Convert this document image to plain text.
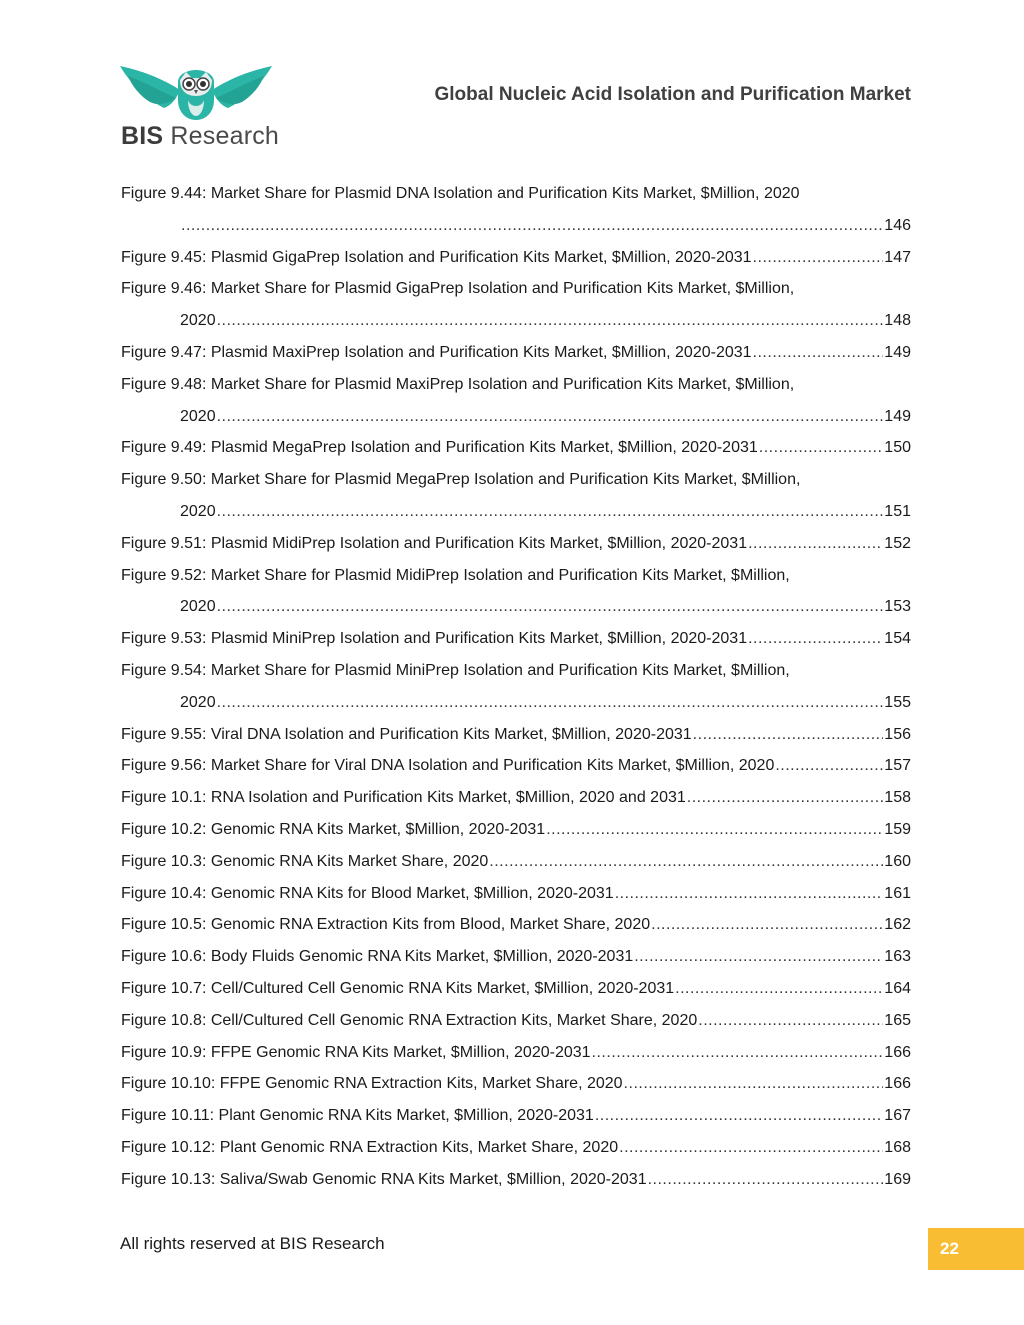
BIS Research
Global Nucleic Acid Isolation and Purification Market
Figure 9.44: Market Share for Plasmid DNA Isolation and Purification Kits Market, $Million, 2020
.....
146
Figure 9.45: Plasmid GigaPrep Isolation and Purification Kits Market, $Million, 2020-2031 .....	147
Figure 9.46: Market Share for Plasmid GigaPrep Isolation and Purification Kits Market, $Million,
2020 .....	148
Figure 9.47: Plasmid MaxiPrep Isolation and Purification Kits Market, $Million, 2020-2031 .....	149
Figure 9.48: Market Share for Plasmid MaxiPrep Isolation and Purification Kits Market, $Million,
2020 .....	149
Figure 9.49: Plasmid MegaPrep Isolation and Purification Kits Market, $Million, 2020-2031 .....	150
Figure 9.50: Market Share for Plasmid MegaPrep Isolation and Purification Kits Market, $Million,
2020 .....	151
Figure 9.51: Plasmid MidiPrep Isolation and Purification Kits Market, $Million, 2020-2031 .....	152
Figure 9.52: Market Share for Plasmid MidiPrep Isolation and Purification Kits Market, $Million,
2020 .....	153
Figure 9.53: Plasmid MiniPrep Isolation and Purification Kits Market, $Million, 2020-2031 .....	154
Figure 9.54: Market Share for Plasmid MiniPrep Isolation and Purification Kits Market, $Million,
2020 .....	155
Figure 9.55: Viral DNA Isolation and Purification Kits Market, $Million, 2020-2031 .....	156
Figure 9.56: Market Share for Viral DNA Isolation and Purification Kits Market, $Million, 2020 .....	157
Figure 10.1: RNA Isolation and Purification Kits Market, $Million, 2020 and 2031 .....	158
Figure 10.2: Genomic RNA Kits Market, $Million, 2020-2031 .....	159
Figure 10.3: Genomic RNA Kits Market Share, 2020 .....	160
Figure 10.4: Genomic RNA Kits for Blood Market, $Million, 2020-2031 .....	161
Figure 10.5: Genomic RNA Extraction Kits from Blood, Market Share, 2020 .....	162
Figure 10.6: Body Fluids Genomic RNA Kits Market, $Million, 2020-2031 .....	163
Figure 10.7: Cell/Cultured Cell Genomic RNA Kits Market, $Million, 2020-2031 .....	164
Figure 10.8: Cell/Cultured Cell Genomic RNA Extraction Kits, Market Share, 2020 .....	165
Figure 10.9: FFPE Genomic RNA Kits Market, $Million, 2020-2031 .....	166
Figure 10.10: FFPE Genomic RNA Extraction Kits, Market Share, 2020 .....	166
Figure 10.11: Plant Genomic RNA Kits Market, $Million, 2020-2031 .....	167
Figure 10.12: Plant Genomic RNA Extraction Kits, Market Share, 2020 .....	168
Figure 10.13: Saliva/Swab Genomic RNA Kits Market, $Million, 2020-2031 .....	169
All rights reserved at BIS Research	22
